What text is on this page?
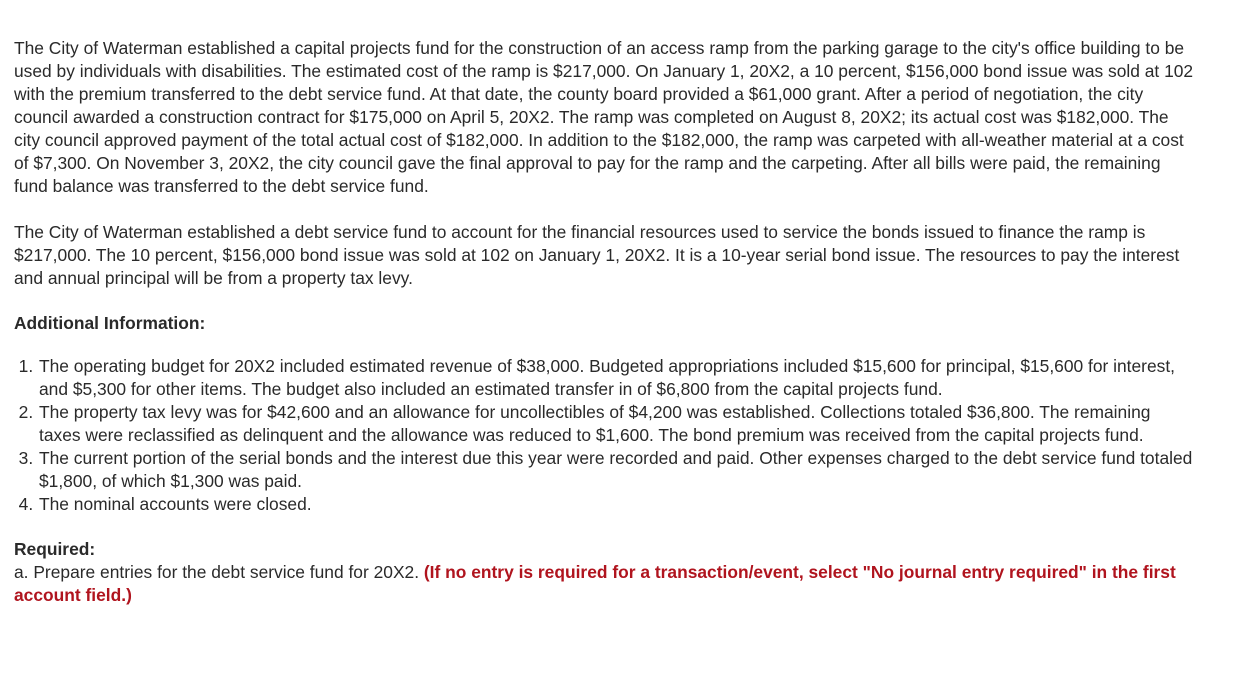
The City of Waterman established a capital projects fund for the construction of an access ramp from the parking garage to the city's office building to be used by individuals with disabilities. The estimated cost of the ramp is $217,000. On January 1, 20X2, a 10 percent, $156,000 bond issue was sold at 102 with the premium transferred to the debt service fund. At that date, the county board provided a $61,000 grant. After a period of negotiation, the city council awarded a construction contract for $175,000 on April 5, 20X2. The ramp was completed on August 8, 20X2; its actual cost was $182,000. The city council approved payment of the total actual cost of $182,000. In addition to the $182,000, the ramp was carpeted with all-weather material at a cost of $7,300. On November 3, 20X2, the city council gave the final approval to pay for the ramp and the carpeting. After all bills were paid, the remaining fund balance was transferred to the debt service fund.

The City of Waterman established a debt service fund to account for the financial resources used to service the bonds issued to finance the ramp is $217,000. The 10 percent, $156,000 bond issue was sold at 102 on January 1, 20X2. It is a 10-year serial bond issue. The resources to pay the interest and annual principal will be from a property tax levy.

Additional Information:

1. The operating budget for 20X2 included estimated revenue of $38,000. Budgeted appropriations included $15,600 for principal, $15,600 for interest, and $5,300 for other items. The budget also included an estimated transfer in of $6,800 from the capital projects fund.
2. The property tax levy was for $42,600 and an allowance for uncollectibles of $4,200 was established. Collections totaled $36,800. The remaining taxes were reclassified as delinquent and the allowance was reduced to $1,600. The bond premium was received from the capital projects fund.
3. The current portion of the serial bonds and the interest due this year were recorded and paid. Other expenses charged to the debt service fund totaled $1,800, of which $1,300 was paid.
4. The nominal accounts were closed.

Required:

a. Prepare entries for the debt service fund for 20X2. (If no entry is required for a transaction/event, select "No journal entry required" in the first account field.)
